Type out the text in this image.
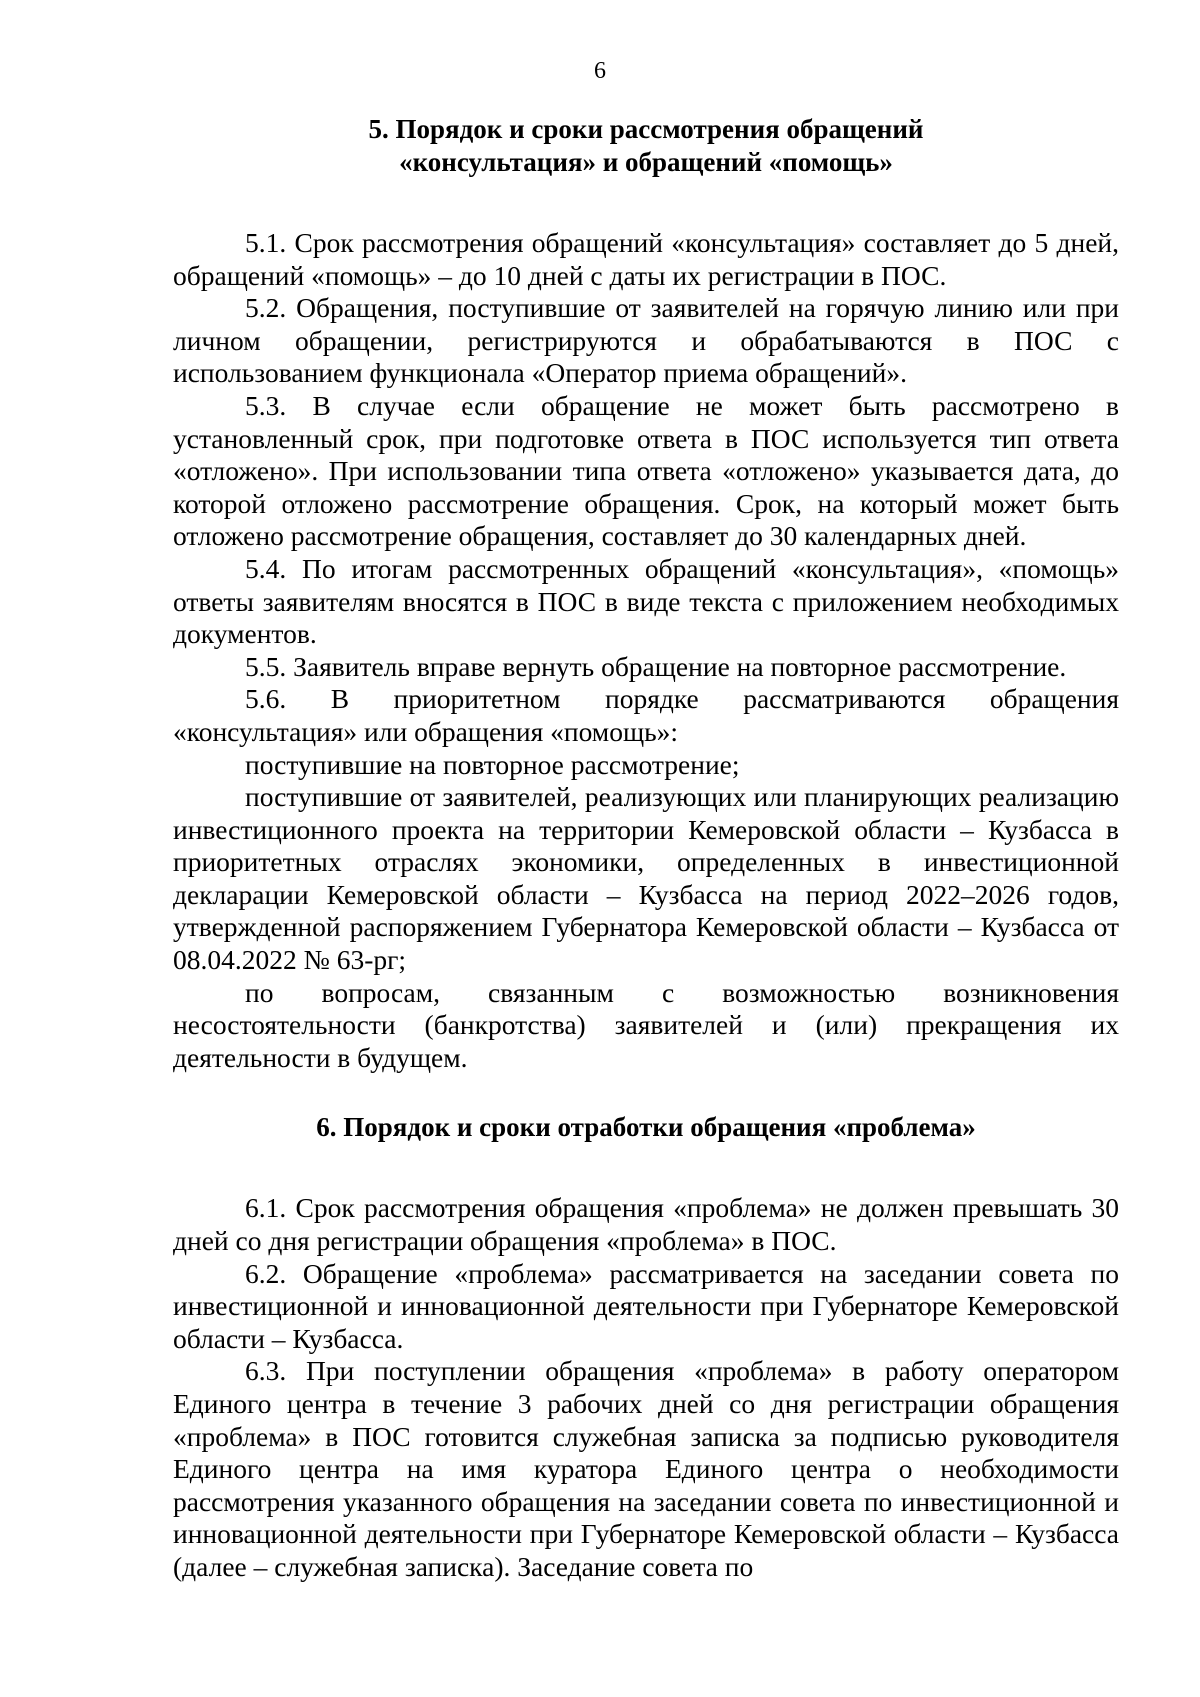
6
5. Порядок и сроки рассмотрения обращений
«консультация» и обращений «помощь»

5.1. Срок рассмотрения обращений «консультация» составляет до 5 дней, обращений «помощь» – до 10 дней с даты их регистрации в ПОС.

5.2. Обращения, поступившие от заявителей на горячую линию или при личном обращении, регистрируются и обрабатываются в ПОС с использованием функционала «Оператор приема обращений».

5.3. В случае если обращение не может быть рассмотрено в установленный срок, при подготовке ответа в ПОС используется тип ответа «отложено». При использовании типа ответа «отложено» указывается дата, до которой отложено рассмотрение обращения. Срок, на который может быть отложено рассмотрение обращения, составляет до 30 календарных дней.

5.4. По итогам рассмотренных обращений «консультация», «помощь» ответы заявителям вносятся в ПОС в виде текста с приложением необходимых документов.

5.5. Заявитель вправе вернуть обращение на повторное рассмотрение.

5.6. В приоритетном порядке рассматриваются обращения «консультация» или обращения «помощь»:

поступившие на повторное рассмотрение;

поступившие от заявителей, реализующих или планирующих реализацию инвестиционного проекта на территории Кемеровской области – Кузбасса в приоритетных отраслях экономики, определенных в инвестиционной декларации Кемеровской области – Кузбасса на период 2022–2026 годов, утвержденной распоряжением Губернатора Кемеровской области – Кузбасса от 08.04.2022 № 63-рг;

по вопросам, связанным с возможностью возникновения несостоятельности (банкротства) заявителей и (или) прекращения их деятельности в будущем.

6. Порядок и сроки отработки обращения «проблема»

6.1. Срок рассмотрения обращения «проблема» не должен превышать 30 дней со дня регистрации обращения «проблема» в ПОС.

6.2. Обращение «проблема» рассматривается на заседании совета по инвестиционной и инновационной деятельности при Губернаторе Кемеровской области – Кузбасса.

6.3. При поступлении обращения «проблема» в работу оператором Единого центра в течение 3 рабочих дней со дня регистрации обращения «проблема» в ПОС готовится служебная записка за подписью руководителя Единого центра на имя куратора Единого центра о необходимости рассмотрения указанного обращения на заседании совета по инвестиционной и инновационной деятельности при Губернаторе Кемеровской области – Кузбасса (далее – служебная записка). Заседание совета по
